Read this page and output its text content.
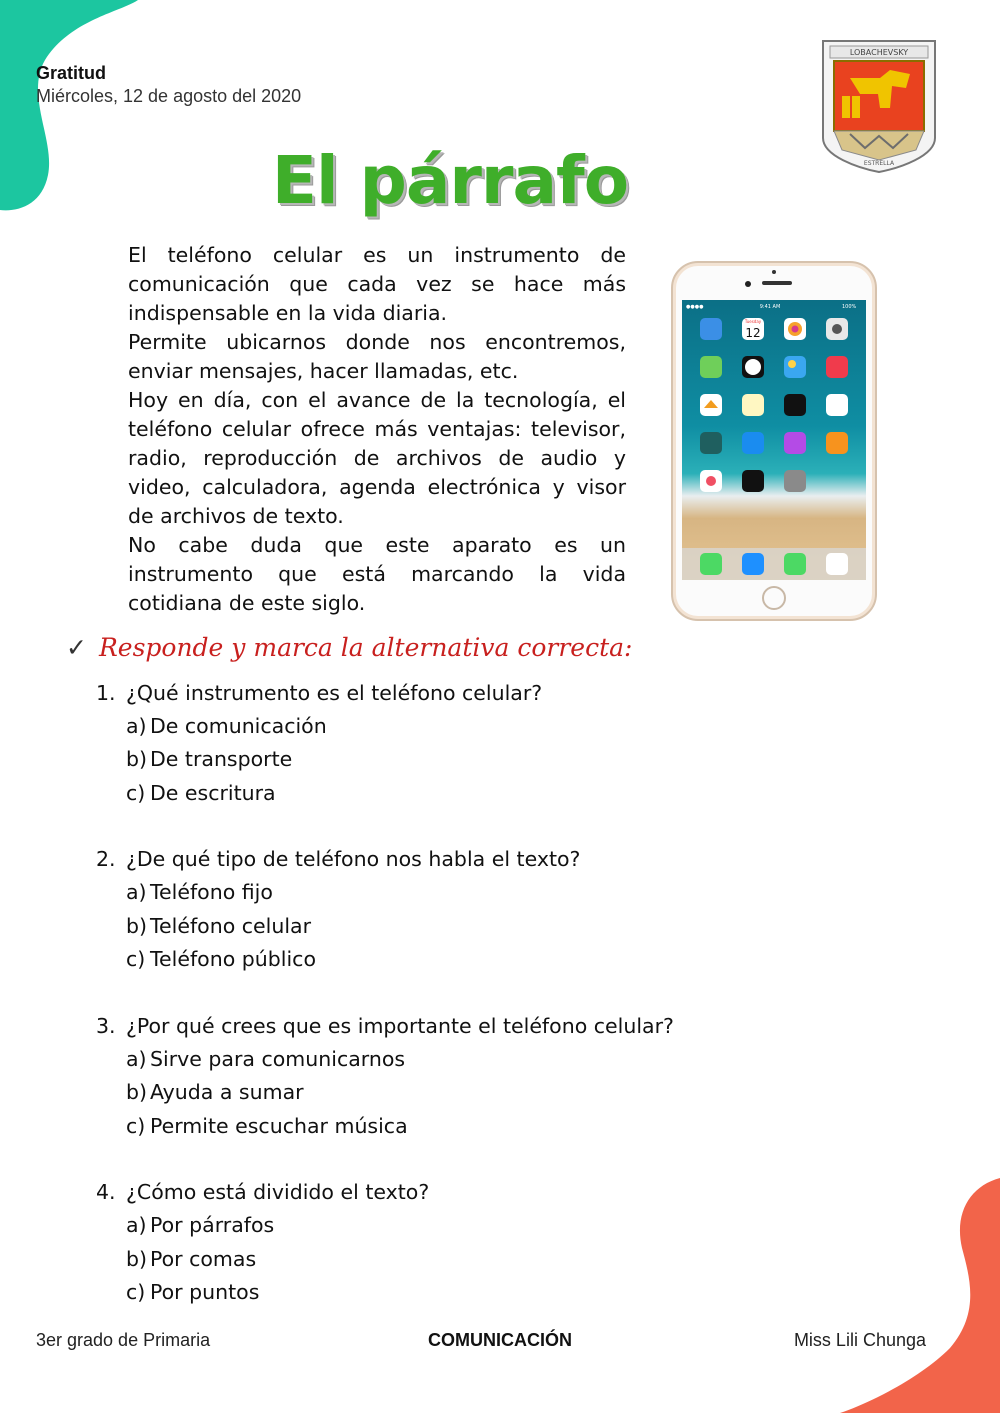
Gratitud
Miércoles, 12 de agosto del 2020
LOBACHEVSKY
ESTRELLA
El párrafo

El teléfono celular es un instrumento de comunicación que cada vez se hace más indispensable en la vida diaria.

Permite ubicarnos donde nos encontremos, enviar mensajes, hacer llamadas, etc.

Hoy en día, con el avance de la tecnología, el teléfono celular ofrece más ventajas: televisor, radio, reproducción de archivos de audio y video, calculadora, agenda electrónica y visor de archivos de texto.

No cabe duda que este aparato es un instrumento que está marcando la vida cotidiana de este siglo.

●●●●	9:41 AM	100%
Tuesday
12
✓ Responde y marca la alternativa correcta:
1. ¿Qué instrumento es el teléfono celular?
a) De comunicación
b) De transporte
c) De escritura
2. ¿De qué tipo de teléfono nos habla el texto?
a) Teléfono fijo
b) Teléfono celular
c) Teléfono público
3. ¿Por qué crees que es importante el teléfono celular?
a) Sirve para comunicarnos
b) Ayuda a sumar
c) Permite escuchar música
4. ¿Cómo está dividido el texto?
a) Por párrafos
b) Por comas
c) Por puntos
3er grado de Primaria	COMUNICACIÓN	Miss Lili Chunga
